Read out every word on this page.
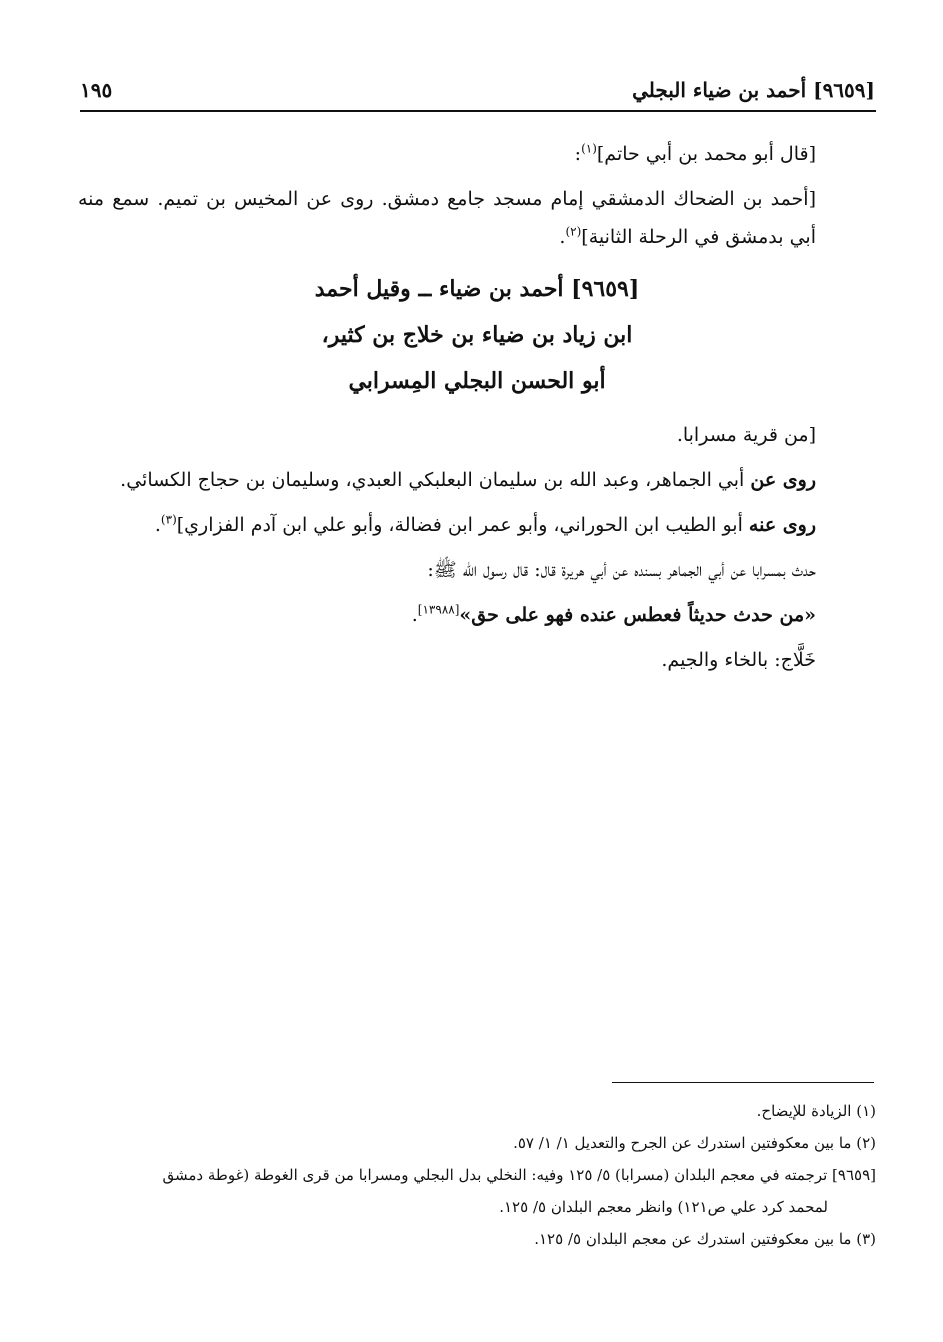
١٩٥	[٩٦٥٩] أحمد بن ضياء البجلي

[قال أبو محمد بن أبي حاتم]$^{(١)}$:

[أحمد بن الضحاك الدمشقي إمام مسجد جامع دمشق. روى عن المخيس بن تميم. سمع منه أبي بدمشق في الرحلة الثانية]$^{(٢)}$.

[٩٦٥٩] أحمد بن ضياء ــ وقيل أحمد
ابن زياد بن ضياء بن خلاج بن كثير،
أبو الحسن البجلي المِسرابي

[من قرية مسرابا.

روى عن أبي الجماهر، وعبد الله بن سليمان البعلبكي العبدي، وسليمان بن حجاج الكسائي.

روى عنه أبو الطيب ابن الحوراني، وأبو عمر ابن فضالة، وأبو علي ابن آدم الفزاري]$^{(٣)}$.

حدث بمسرابا عن أبي الجماهر بسنده عن أبي هريرة قال: قال رسول الله ﷺ:

«من حدث حديثاً فعطس عنده فهو على حق»[١٣٩٨٨].

خَلَّاج: بالخاء والجيم.

(١) الزيادة للإيضاح.

(٢) ما بين معكوفتين استدرك عن الجرح والتعديل ١/ ١/ ٥٧.

[٩٦٥٩] ترجمته في معجم البلدان (مسرابا) ٥/ ١٢٥ وفيه: النخلي بدل البجلي ومسرابا من قرى الغوطة (غوطة دمشق

لمحمد كرد علي ص١٢١) وانظر معجم البلدان ٥/ ١٢٥.

(٣) ما بين معكوفتين استدرك عن معجم البلدان ٥/ ١٢٥.
